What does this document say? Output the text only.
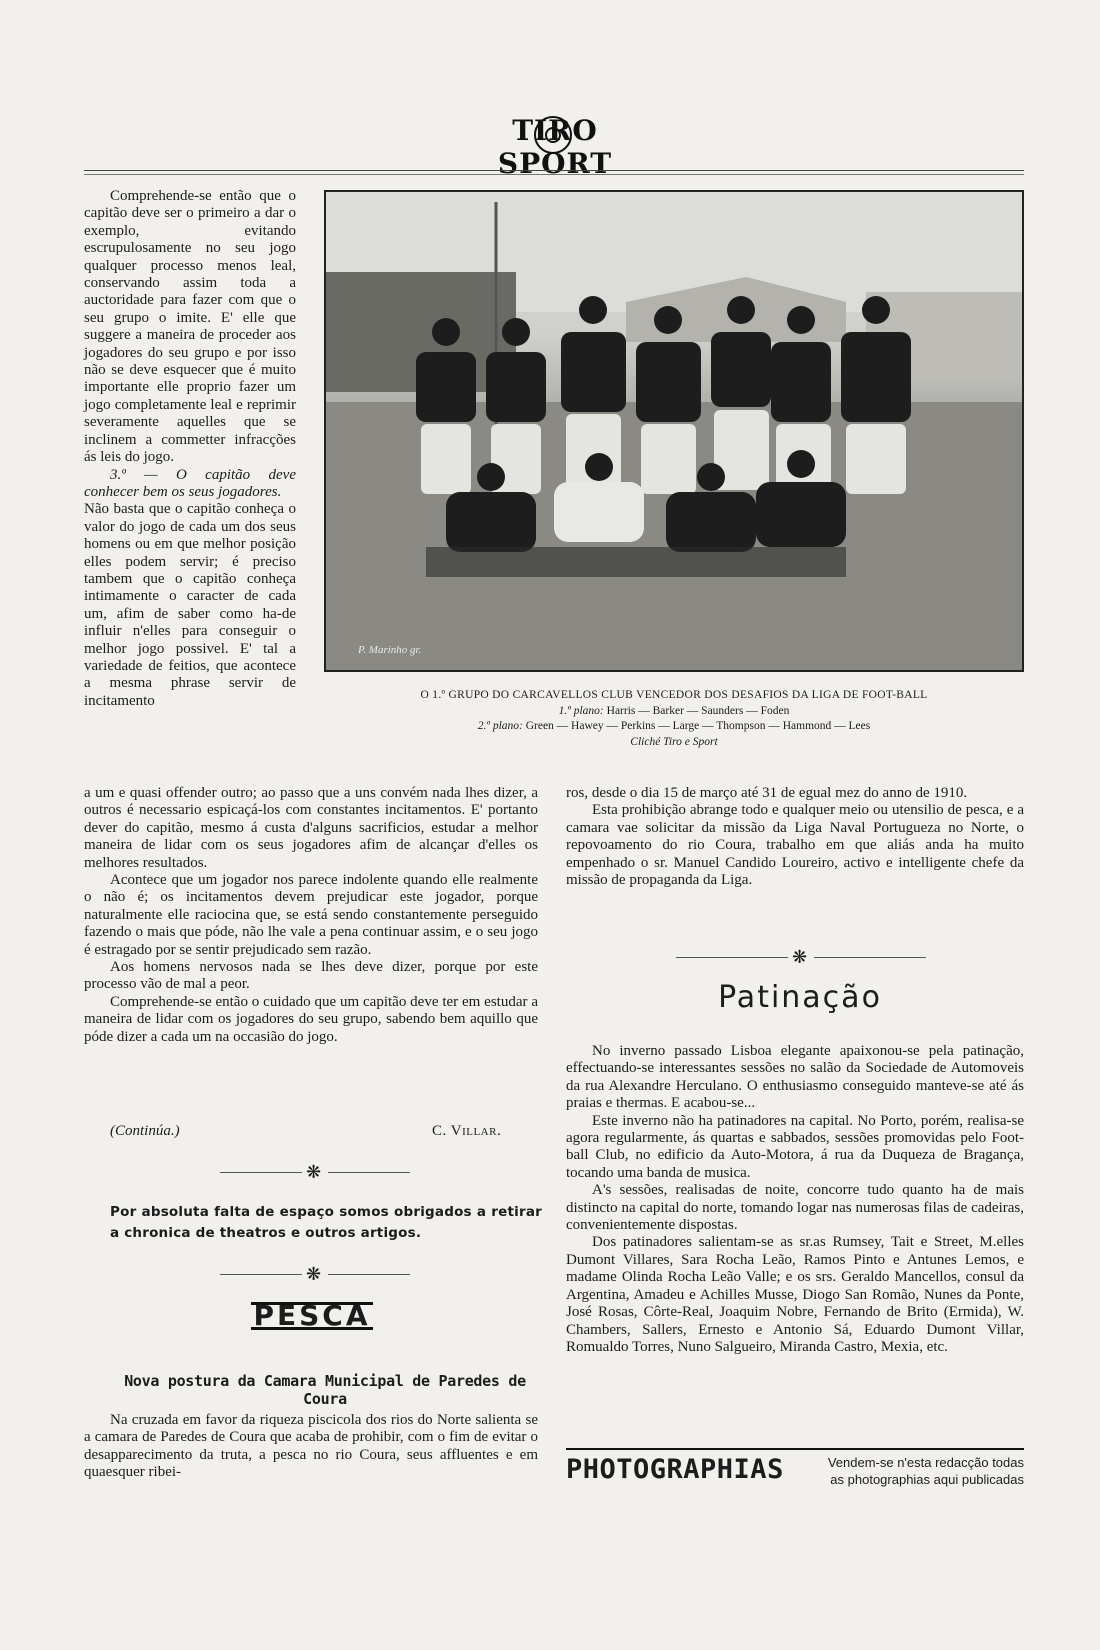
TIRO SPORT

Comprehende-se então que o capitão deve ser o primeiro a dar o exemplo, evitando escrupulosamente no seu jogo qualquer processo menos leal, conservando assim toda a auctoridade para fazer com que o seu grupo o imite. E' elle que suggere a maneira de proceder aos jogadores do seu grupo e por isso não se deve esquecer que é muito importante elle proprio fazer um jogo completamente leal e reprimir severamente aquelles que se inclinem a commetter infracções ás leis do jogo.

3.º — O capitão deve conhecer bem os seus jogadores.

Não basta que o capitão conheça o valor do jogo de cada um dos seus homens ou em que melhor posição elles podem servir; é preciso tambem que o capitão conheça intimamente o caracter de cada um, afim de saber como ha-de influir n'elles para conseguir o melhor jogo possivel. E' tal a variedade de feitios, que acontece a mesma phrase servir de incitamento

P. Marinho gr.
O 1.º GRUPO DO CARCAVELLOS CLUB VENCEDOR DOS DESAFIOS DA LIGA DE FOOT-BALL
1.º plano: Harris — Barker — Saunders — Foden
2.º plano: Green — Hawey — Perkins — Large — Thompson — Hammond — Lees
Cliché Tiro e Sport

a um e quasi offender outro; ao passo que a uns convém nada lhes dizer, a outros é necessario espicaçá-los com constantes incitamentos. E' portanto dever do capitão, mesmo á custa d'alguns sacrificios, estudar a melhor maneira de lidar com os seus jogadores afim de alcançar d'elles os melhores resultados.

Acontece que um jogador nos parece indolente quando elle realmente o não é; os incitamentos devem prejudicar este jogador, porque naturalmente elle raciocina que, se está sendo constantemente perseguido fazendo o mais que póde, não lhe vale a pena continuar assim, e o seu jogo é estragado por se sentir prejudicado sem razão.

Aos homens nervosos nada se lhes deve dizer, porque por este processo vão de mal a peor.

Comprehende-se então o cuidado que um capitão deve ter em estudar a maneira de lidar com os jogadores do seu grupo, sabendo bem aquillo que póde dizer a cada um na occasião do jogo.

(Continúa.)	C. Villar.
❋
Por absoluta falta de espaço somos obrigados a retirar a chronica de theatros e outros artigos.
❋
PESCA
Nova postura da Camara Municipal de Paredes de Coura

Na cruzada em favor da riqueza piscicola dos rios do Norte salienta se a camara de Paredes de Coura que acaba de prohibir, com o fim de evitar o desapparecimento da truta, a pesca no rio Coura, seus affluentes e em quaesquer ribei-

ros, desde o dia 15 de março até 31 de egual mez do anno de 1910.

Esta prohibição abrange todo e qualquer meio ou utensilio de pesca, e a camara vae solicitar da missão da Liga Naval Portugueza no Norte, o repovoamento do rio Coura, trabalho em que aliás anda ha muito empenhado o sr. Manuel Candido Loureiro, activo e intelligente chefe da missão de propaganda da Liga.

❋
Patinação

No inverno passado Lisboa elegante apaixonou-se pela patinação, effectuando-se interessantes sessões no salão da Sociedade de Automoveis da rua Alexandre Herculano. O enthusiasmo conseguido manteve-se até ás praias e thermas. E acabou-se...

Este inverno não ha patinadores na capital. No Porto, porém, realisa-se agora regularmente, ás quartas e sabbados, sessões promovidas pelo Foot-ball Club, no edificio da Auto-Motora, á rua da Duqueza de Bragança, tocando uma banda de musica.

A's sessões, realisadas de noite, concorre tudo quanto ha de mais distincto na capital do norte, tomando logar nas numerosas filas de cadeiras, convenientemente dispostas.

Dos patinadores salientam-se as sr.as Rumsey, Tait e Street, M.elles Dumont Villares, Sara Rocha Leão, Ramos Pinto e Antunes Lemos, e madame Olinda Rocha Leão Valle; e os srs. Geraldo Mancellos, consul da Argentina, Amadeu e Achilles Musse, Diogo San Romão, Nunes da Ponte, José Rosas, Côrte-Real, Joaquim Nobre, Fernando de Brito (Ermida), W. Chambers, Sallers, Ernesto e Antonio Sá, Eduardo Dumont Villar, Romualdo Torres, Nuno Salgueiro, Miranda Castro, Mexia, etc.

PHOTOGRAPHIAS	Vendem-se n'esta redacção todas
as photographias aqui publicadas
